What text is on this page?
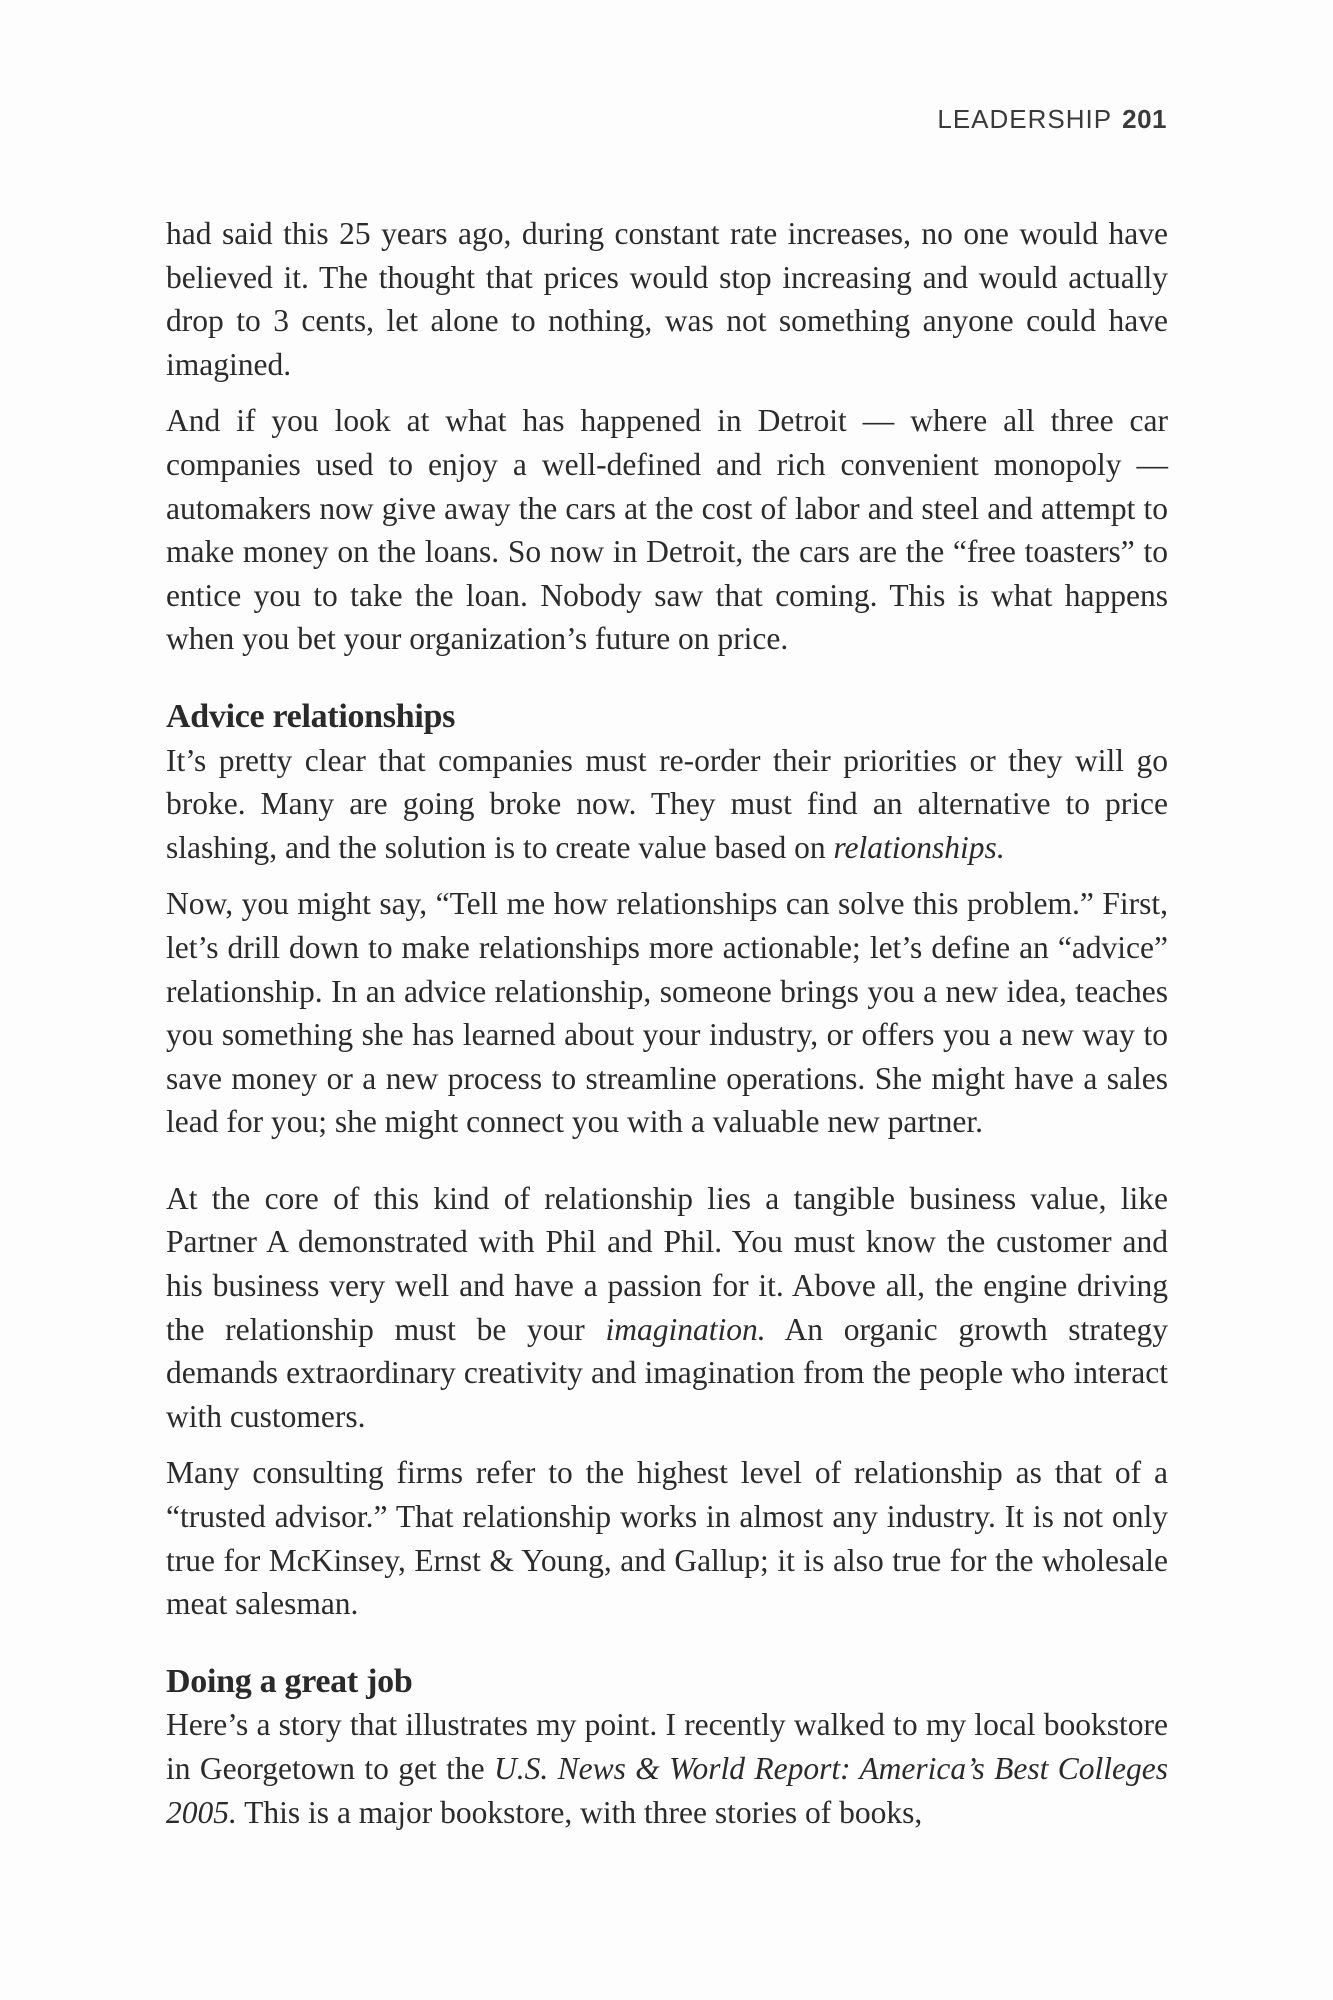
LEADERSHIP 201

had said this 25 years ago, during constant rate increases, no one would have believed it. The thought that prices would stop increasing and would actually drop to 3 cents, let alone to nothing, was not something anyone could have imagined.

And if you look at what has happened in Detroit — where all three car companies used to enjoy a well-defined and rich convenient monopoly — automakers now give away the cars at the cost of labor and steel and attempt to make money on the loans. So now in Detroit, the cars are the “free toasters” to entice you to take the loan. Nobody saw that coming. This is what happens when you bet your organization’s future on price.

Advice relationships

It’s pretty clear that companies must re-order their priorities or they will go broke. Many are going broke now. They must find an alternative to price slashing, and the solution is to create value based on relationships.

Now, you might say, “Tell me how relationships can solve this problem.” First, let’s drill down to make relationships more actionable; let’s define an “advice” relationship. In an advice relationship, someone brings you a new idea, teaches you something she has learned about your industry, or offers you a new way to save money or a new process to streamline operations. She might have a sales lead for you; she might connect you with a valuable new partner.

At the core of this kind of relationship lies a tangible business value, like Partner A demonstrated with Phil and Phil. You must know the customer and his business very well and have a passion for it. Above all, the engine driving the relationship must be your imagination. An organic growth strategy demands extraordinary creativity and imagination from the people who interact with customers.

Many consulting firms refer to the highest level of relationship as that of a “trusted advisor.” That relationship works in almost any industry. It is not only true for McKinsey, Ernst & Young, and Gallup; it is also true for the wholesale meat salesman.

Doing a great job

Here’s a story that illustrates my point. I recently walked to my local bookstore in Georgetown to get the U.S. News & World Report: America’s Best Colleges 2005. This is a major bookstore, with three stories of books,
